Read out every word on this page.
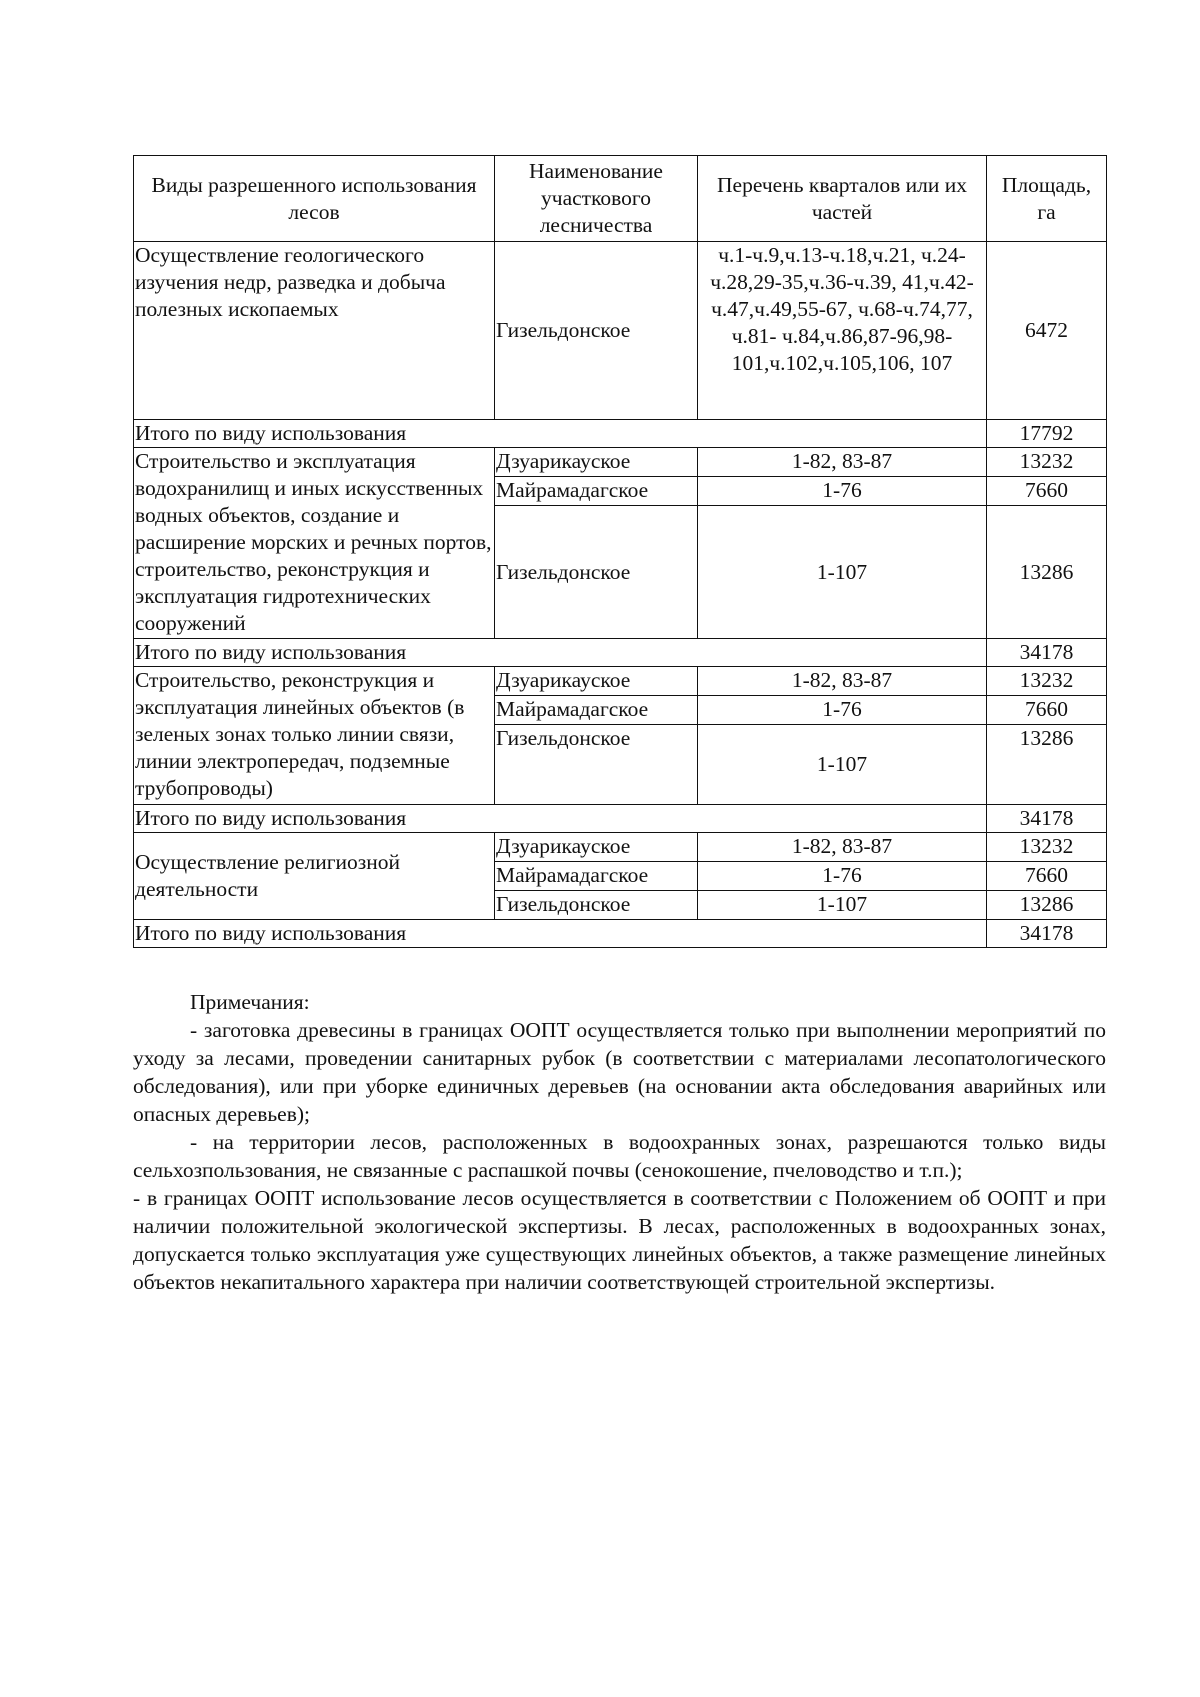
Виды разрешенного использования лесов	Наименование участкового лесничества	Перечень кварталов или их частей	Площадь, га
Осуществление геологического изучения недр, разведка и добыча полезных ископаемых	Гизельдонское	ч.1-ч.9,ч.13-ч.18,ч.21, ч.24-ч.28,29-35,ч.36-ч.39, 41,ч.42-ч.47,ч.49,55-67, ч.68-ч.74,77, ч.81- ч.84,ч.86,87-96,98- 101,ч.102,ч.105,106, 107	6472
Итого по виду использования			17792
Строительство и эксплуатация водохранилищ и иных искусственных водных объектов, создание и расширение морских и речных портов, строительство, реконструкция и эксплуатация гидротехнических сооружений	Дзуарикауское	1-82, 83-87	13232
	Майрамадагское	1-76	7660
	Гизельдонское	1-107	13286
Итого по виду использования			34178
Строительство, реконструкция и эксплуатация линейных объектов (в зеленых зонах только линии связи, линии электропередач, подземные трубопроводы)	Дзуарикауское	1-82, 83-87	13232
	Майрамадагское	1-76	7660
	Гизельдонское	1-107	13286
Итого по виду использования			34178
Осуществление религиозной деятельности	Дзуарикауское	1-82, 83-87	13232
	Майрамадагское	1-76	7660
	Гизельдонское	1-107	13286
Итого по виду использования			34178

Примечания:

- заготовка древесины в границах ООПТ осуществляется только при выполнении мероприятий по уходу за лесами, проведении санитарных рубок (в соответствии с материалами лесопатологического обследования), или при уборке единичных деревьев (на основании акта обследования аварийных или опасных деревьев);

- на территории лесов, расположенных в водоохранных зонах, разрешаются только виды сельхозпользования, не связанные с распашкой почвы (сенокошение, пчеловодство и т.п.);

- в границах ООПТ использование лесов осуществляется в соответствии с Положением об ООПТ и при наличии положительной экологической экспертизы. В лесах, расположенных в водоохранных зонах, допускается только эксплуатация уже существующих линейных объектов, а также размещение линейных объектов некапитального характера при наличии соответствующей строительной экспертизы.
